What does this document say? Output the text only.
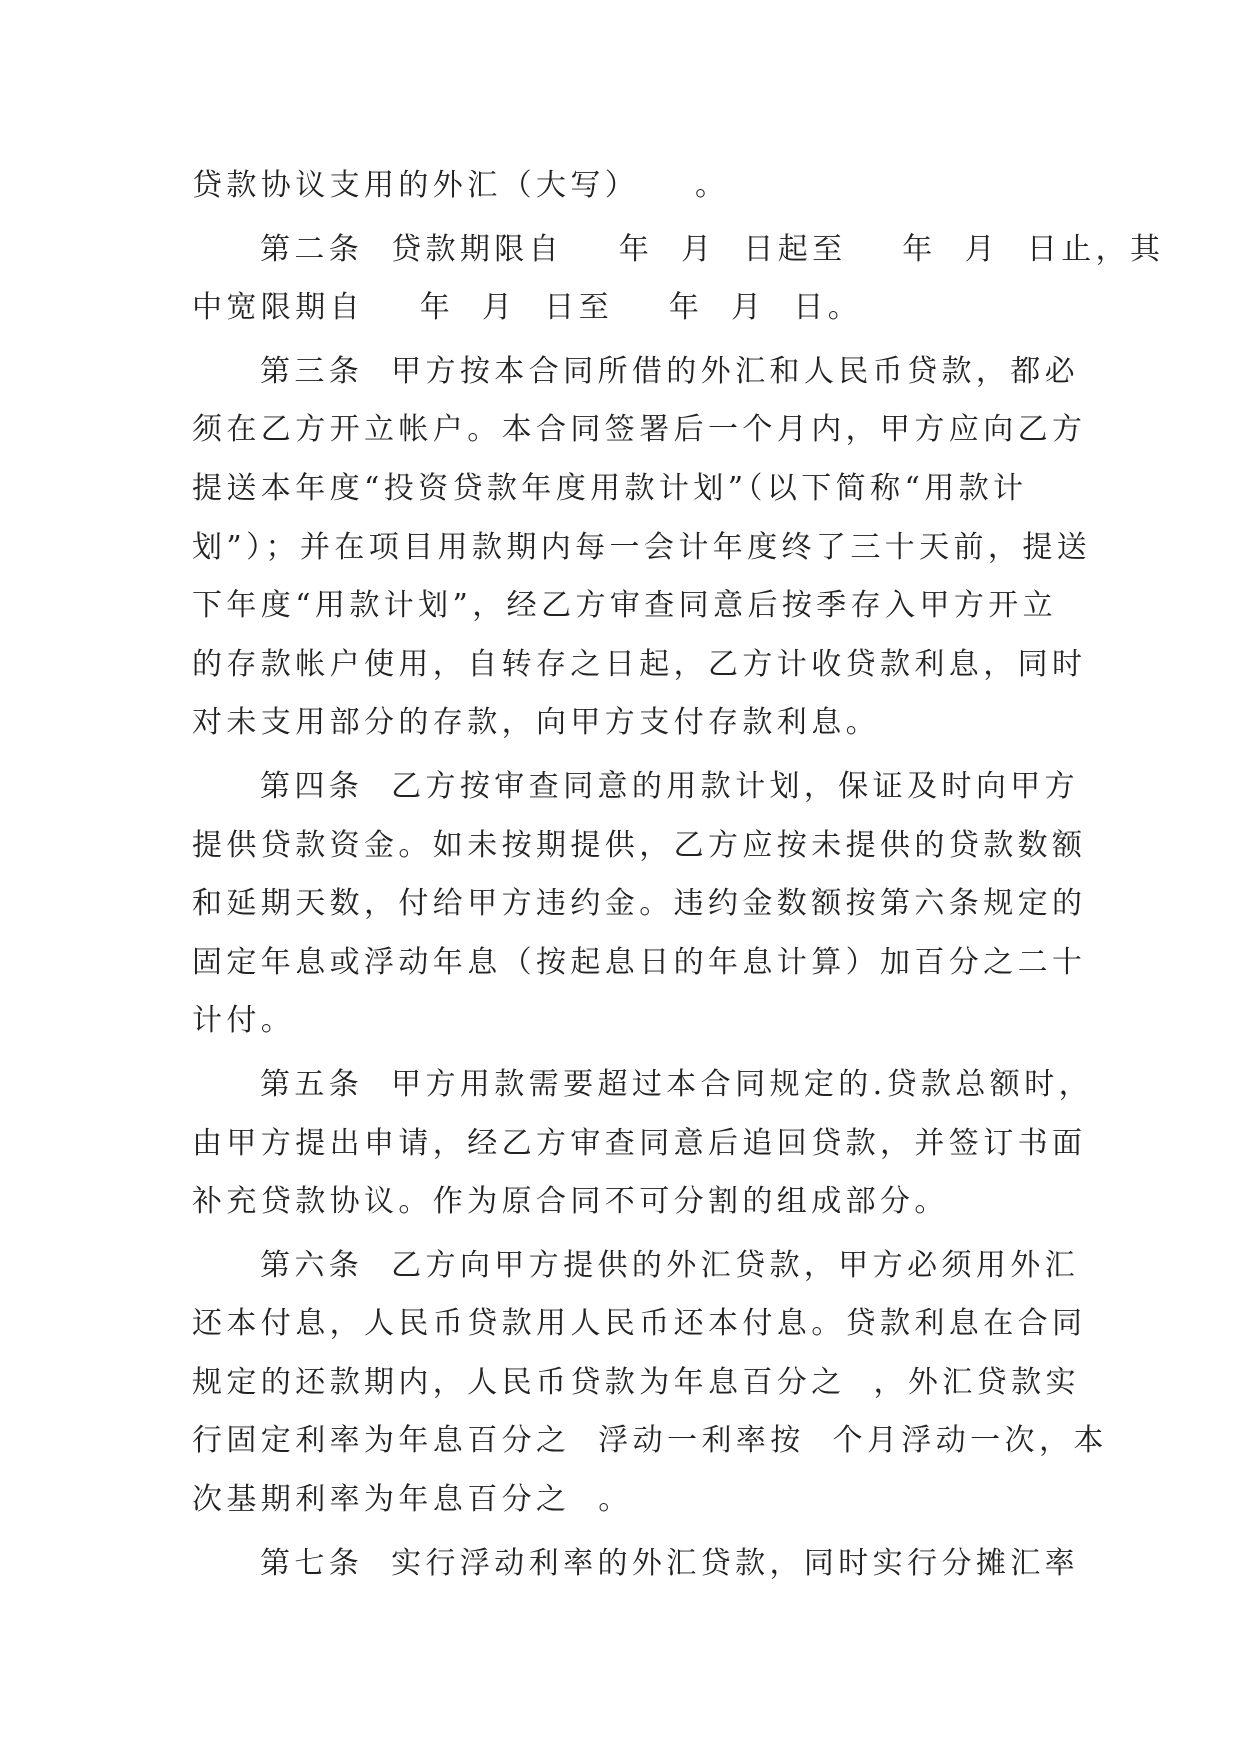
贷款协议支用的外汇（大写）    。
第二条  贷款期限自    年  月  日起至    年  月  日止，其
中宽限期自    年  月  日至    年  月  日。
第三条  甲方按本合同所借的外汇和人民币贷款，都必
须在乙方开立帐户。本合同签署后一个月内，甲方应向乙方
提送本年度“投资贷款年度用款计划”（以下简称“用款计
划”）；并在项目用款期内每一会计年度终了三十天前，提送
下年度“用款计划”，经乙方审查同意后按季存入甲方开立
的存款帐户使用，自转存之日起，乙方计收贷款利息，同时
对未支用部分的存款，向甲方支付存款利息。
第四条  乙方按审查同意的用款计划，保证及时向甲方
提供贷款资金。如未按期提供，乙方应按未提供的贷款数额
和延期天数，付给甲方违约金。违约金数额按第六条规定的
固定年息或浮动年息（按起息日的年息计算）加百分之二十
计付。
第五条  甲方用款需要超过本合同规定的.贷款总额时，
由甲方提出申请，经乙方审查同意后追回贷款，并签订书面
补充贷款协议。作为原合同不可分割的组成部分。
第六条  乙方向甲方提供的外汇贷款，甲方必须用外汇
还本付息，人民币贷款用人民币还本付息。贷款利息在合同
规定的还款期内，人民币贷款为年息百分之  ，外汇贷款实
行固定利率为年息百分之  浮动一利率按  个月浮动一次，本
次基期利率为年息百分之  。
第七条  实行浮动利率的外汇贷款，同时实行分摊汇率
